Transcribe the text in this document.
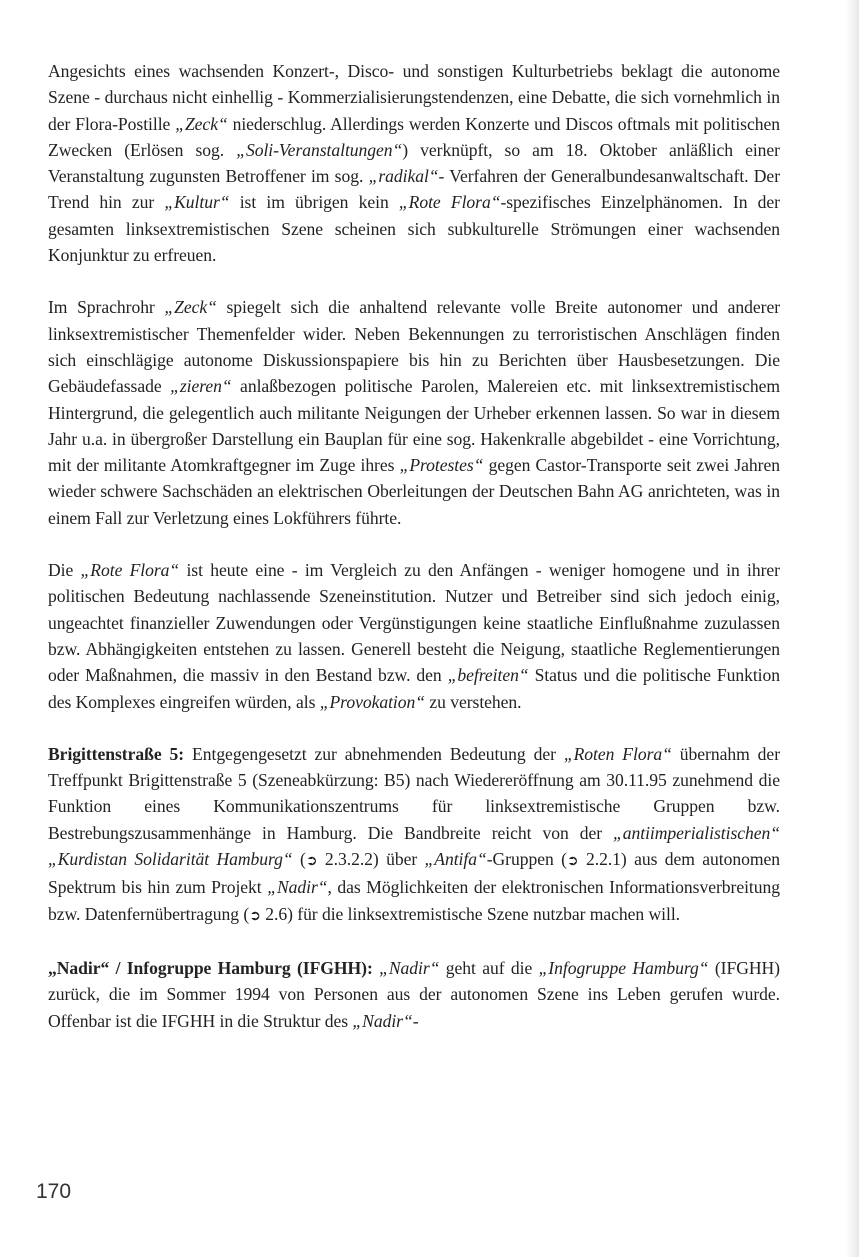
Angesichts eines wachsenden Konzert-, Disco- und sonstigen Kulturbetriebs beklagt die autonome Szene - durchaus nicht einhellig - Kommerzialisierungstendenzen, eine Debatte, die sich vornehmlich in der Flora-Postille „Zeck“ niederschlug. Allerdings werden Konzerte und Discos oftmals mit politischen Zwecken (Erlösen sog. „Soli-Veranstaltungen“) verknüpft, so am 18. Oktober anläßlich einer Veranstaltung zugunsten Betroffener im sog. „radikal“- Verfahren der Generalbundesanwaltschaft. Der Trend hin zur „Kultur“ ist im übrigen kein „Rote Flora“-spezifisches Einzelphänomen. In der gesamten linksextremistischen Szene scheinen sich subkulturelle Strömungen einer wachsenden Konjunktur zu erfreuen.

Im Sprachrohr „Zeck“ spiegelt sich die anhaltend relevante volle Breite autonomer und anderer linksextremistischer Themenfelder wider. Neben Bekennungen zu terroristischen Anschlägen finden sich einschlägige autonome Diskussionspapiere bis hin zu Berichten über Hausbesetzungen. Die Gebäudefassade „zieren“ anlaßbezogen politische Parolen, Malereien etc. mit linksextremistischem Hintergrund, die gelegentlich auch militante Neigungen der Urheber erkennen lassen. So war in diesem Jahr u.a. in übergroßer Darstellung ein Bauplan für eine sog. Hakenkralle abgebildet - eine Vorrichtung, mit der militante Atomkraftgegner im Zuge ihres „Protestes“ gegen Castor-Transporte seit zwei Jahren wieder schwere Sachschäden an elektrischen Oberleitungen der Deutschen Bahn AG anrichteten, was in einem Fall zur Verletzung eines Lokführers führte.

Die „Rote Flora“ ist heute eine - im Vergleich zu den Anfängen - weniger homogene und in ihrer politischen Bedeutung nachlassende Szeneinstitution. Nutzer und Betreiber sind sich jedoch einig, ungeachtet finanzieller Zuwendungen oder Vergünstigungen keine staatliche Einflußnahme zuzulassen bzw. Abhängigkeiten entstehen zu lassen. Generell besteht die Neigung, staatliche Reglementierungen oder Maßnahmen, die massiv in den Bestand bzw. den „befreiten“ Status und die politische Funktion des Komplexes eingreifen würden, als „Provokation“ zu verstehen.

Brigittenstraße 5: Entgegengesetzt zur abnehmenden Bedeutung der „Roten Flora“ übernahm der Treffpunkt Brigittenstraße 5 (Szeneabkürzung: B5) nach Wiedereröffnung am 30.11.95 zunehmend die Funktion eines Kommunikationszentrums für linksextremistische Gruppen bzw. Bestrebungszusammenhänge in Hamburg. Die Bandbreite reicht von der „antiimperialistischen“ „Kurdistan Solidarität Hamburg“ (➲ 2.3.2.2) über „Antifa“-Gruppen (➲ 2.2.1) aus dem autonomen Spektrum bis hin zum Projekt „Nadir“, das Möglichkeiten der elektronischen Informationsverbreitung bzw. Datenfernübertragung (➲ 2.6) für die linksextremistische Szene nutzbar machen will.

„Nadir“ / Infogruppe Hamburg (IFGHH): „Nadir“ geht auf die „Infogruppe Hamburg“ (IFGHH) zurück, die im Sommer 1994 von Personen aus der autonomen Szene ins Leben gerufen wurde. Offenbar ist die IFGHH in die Struktur des „Nadir“-

170
